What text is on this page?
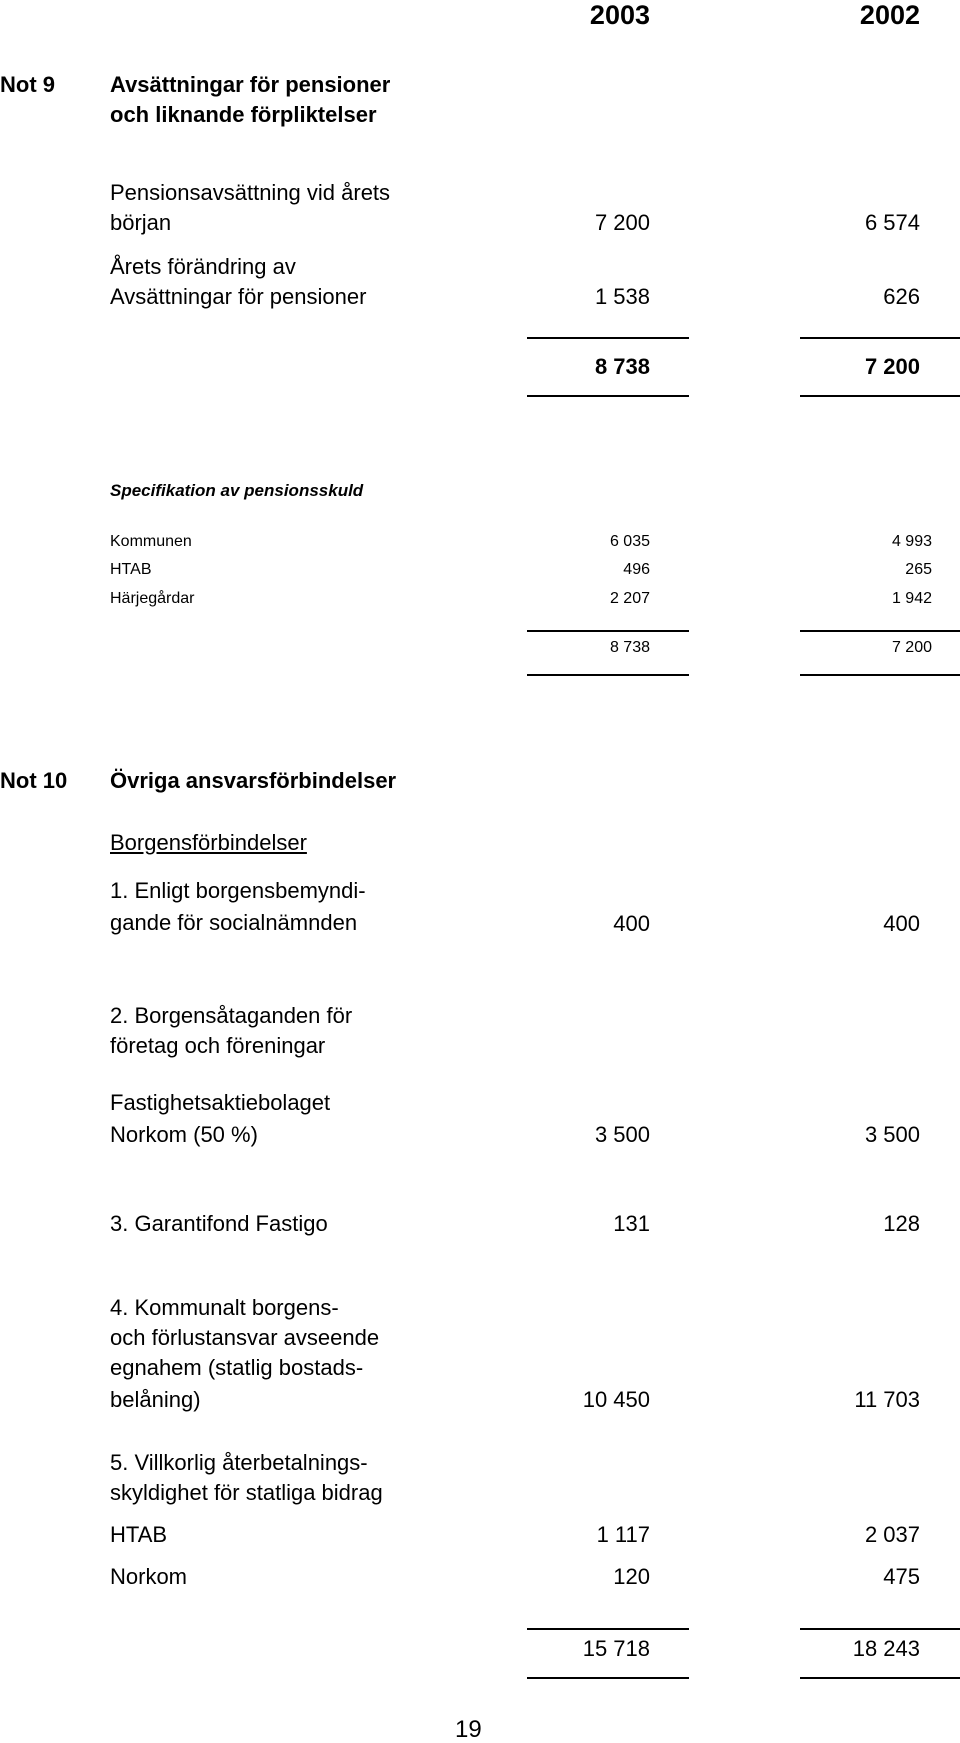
2003	2002
Not 9	Avsättningar för pensioner
och liknande förpliktelser
Pensionsavsättning vid årets
början	7 200	6 574
Årets förändring av
Avsättningar för pensioner	1 538	626
8 738	7 200
Specifikation av pensionsskuld
Kommunen	6 035	4 993
HTAB	496	265
Härjegårdar	2 207	1 942
8 738	7 200
Not 10 Övriga ansvarsförbindelser
Borgensförbindelser
1. Enligt borgensbemyndi-
gande för socialnämnden	400	400
2. Borgensåtaganden för
företag och föreningar
Fastighetsaktiebolaget
Norkom (50 %)	3 500	3 500
3. Garantifond Fastigo	131	128
4. Kommunalt borgens-
och förlustansvar avseende
egnahem (statlig bostads-
belåning)	10 450	11 703
5. Villkorlig återbetalnings-
skyldighet för statliga bidrag
HTAB	1 117	2 037
Norkom	120	475
15 718	18 243
19
